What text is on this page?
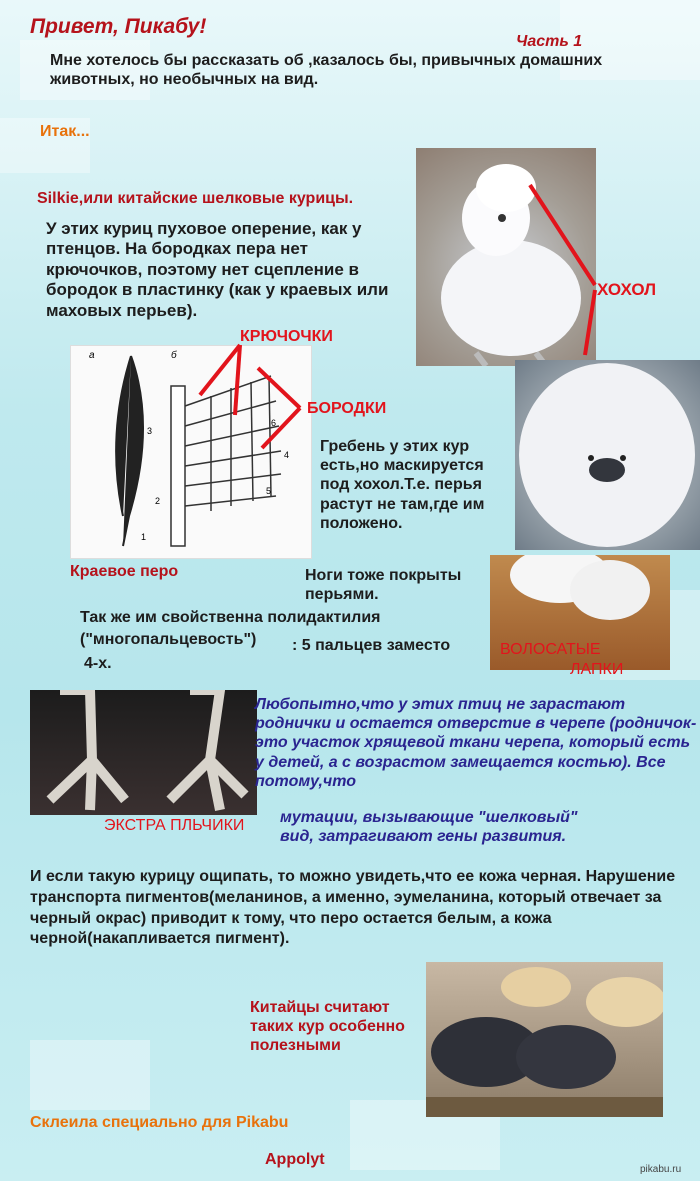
Привет, Пикабу!
Часть 1
Мне хотелось бы рассказать об ,казалось бы, привычных домашних животных, но необычных на вид.
Итак...
Silkie,или китайские шелковые курицы.
У этих куриц пуховое оперение, как у птенцов. На бородках пера нет крючочков, поэтому нет сцепление в бородок в пластинку (как у краевых или маховых перьев).
ХОХОЛ
а	б
1
2
3
4
5
6
КРЮЧОЧКИ
БОРОДКИ
Краевое перо
Гребень у этих кур есть,но маскируется под хохол.Т.е. перья растут не там,где им положено.
Ноги тоже покрыты перьями.
ВОЛОСАТЫЕ
ЛАПКИ
Так же им свойственна полидактилия
("многопальцевость") : 5 пальцев заместо
4-х.
ЭКСТРА ПЛЬЧИКИ
Любопытно,что у этих птиц не зарастают роднички и остается отверстие в черепе (родничок-это участок хрящевой ткани черепа, который есть у детей, а с возрастом замещается костью). Все потому,что
мутации, вызывающие "шелковый" вид, затрагивают гены развития.
И если такую курицу ощипать, то можно увидеть,что ее кожа черная. Нарушение транспорта пигментов(меланинов, а именно, эумеланина, который отвечает за черный окрас) приводит к тому, что перо остается белым, а кожа черной(накапливается пигмент).
Китайцы считают таких кур особенно полезными
Склеила специально для Pikabu
Appolyt
pikabu.ru
